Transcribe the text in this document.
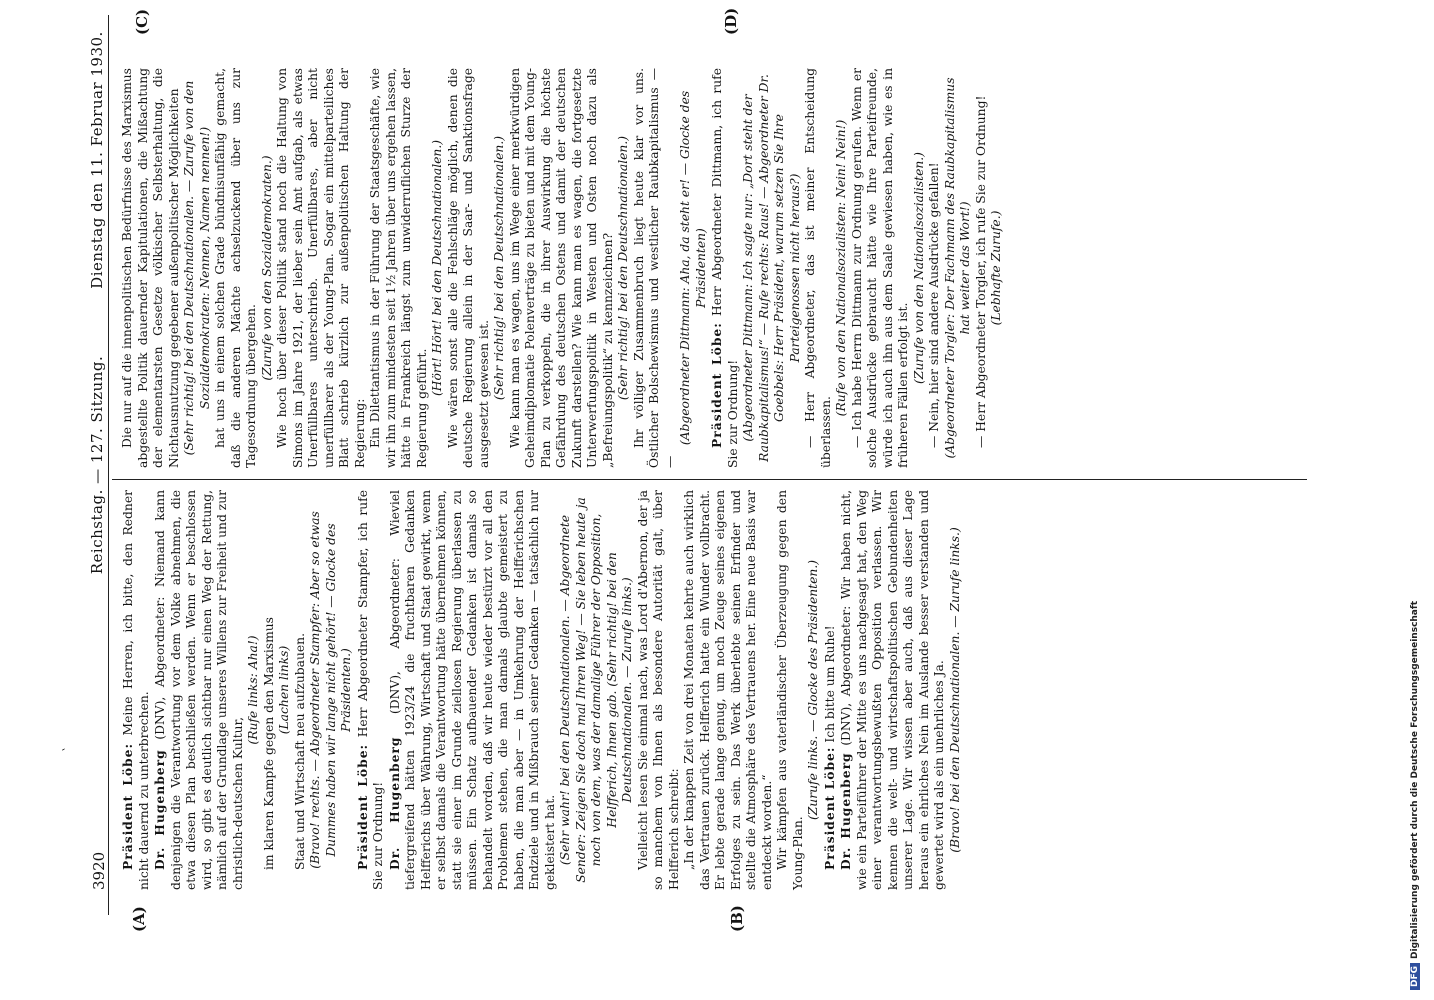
ˏ
3920
Reichstag. — 127. Sitzung.
Dienstag den 11. Februar 1930.
(A)	(B)
(C)	(D)

Präsident Löbe: Meine Herren, ich bitte, den Redner nicht dauernd zu unterbrechen. Dr. Hugenberg (DNV), Abgeordneter: Niemand kann denjenigen die Verantwortung vor dem Volke abnehmen, die etwa diesen Plan beschließen werden. Wenn er beschlossen wird, so gibt es deutlich sichtbar nur einen Weg der Rettung, nämlich auf der Grundlage unseres Willens zur Freiheit und zur christlich-deutschen Kultur,

(Rufe links: Aha!) im klaren Kampfe gegen den Marxismus (Lachen links) Staat und Wirtschaft neu aufzubauen. (Bravo! rechts. — Abgeordneter Stampfer: Aber so etwas Dummes haben wir lange nicht gehört! — Glocke des Präsidenten.)

Präsident Löbe: Herr Abgeordneter Stampfer, ich rufe Sie zur Ordnung! Dr. Hugenberg (DNV), Abgeordneter: Wieviel tiefergreifend hätten 1923/24 die fruchtbaren Gedanken Helfferichs über Währung, Wirtschaft und Staat gewirkt, wenn er selbst damals die Verantwortung hätte übernehmen können, statt sie einer im Grunde ziellosen Regierung überlassen zu müssen. Ein Schatz aufbauender Gedanken ist damals so behandelt worden, daß wir heute wieder bestürzt vor all den Problemen stehen, die man damals glaubte gemeistert zu haben, die man aber — in Umkehrung der Helfferichschen Endziele und in Mißbrauch seiner Gedanken — tatsächlich nur gekleistert hat. (Sehr wahr! bei den Deutschnationalen. — Abgeordnete Sender: Zeigen Sie doch mal Ihren Weg! — Sie leben heute ja noch von dem, was der damalige Führer der Opposition, Helfferich, Ihnen gab. (Sehr richtig! bei den Deutschnationalen. — Zurufe links.) Vielleicht lesen Sie einmal nach, was Lord d'Abernon, der ja so manchem von Ihnen als besondere Autorität galt, über Helfferich schreibt: „In der knappen Zeit von drei Monaten kehrte auch wirklich das Vertrauen zurück. Helfferich hatte ein Wunder vollbracht. Er lebte gerade lange genug, um noch Zeuge seines eigenen Erfolges zu sein. Das Werk überlebte seinen Erfinder und stellte die Atmosphäre des Vertrauens her. Eine neue Basis war entdeckt worden.“ Wir kämpfen aus vaterländischer Überzeugung gegen den Young-Plan.

(Zurufe links. — Glocke des Präsidenten.) Präsident Löbe: Ich bitte um Ruhe!

Dr. Hugenberg (DNV), Abgeordneter: Wir haben nicht, wie ein Parteiführer der Mitte es uns nachgesagt hat, den Weg einer verantwortungsbewußten Opposition verlassen. Wir kennen die welt- und wirtschaftspolitischen Gebundenheiten unserer Lage. Wir wissen aber auch, daß aus dieser Lage heraus ein ehrliches Nein im Auslande besser verstanden und gewertet wird als ein unehrliches Ja. (Bravo! bei den Deutschnationalen. — Zurufe links.)

Die nur auf die innenpolitischen Bedürfnisse des Marxismus abgestellte Politik dauernder Kapitulationen, die Mißachtung der elementarsten Gesetze völkischer Selbsterhaltung, die Nichtausnutzung gegebener außenpolitischer Möglichkeiten (Sehr richtig! bei den Deutschnationalen. — Zurufe von den Sozialdemokraten: Nennen, Namen nennen!) hat uns in einem solchen Grade bündnisunfähig gemacht, daß die anderen Mächte achselzuckend über uns zur Tagesordnung übergehen.

(Zurufe von den Sozialdemokraten.) Wie hoch über dieser Politik stand noch die Haltung von Simons im Jahre 1921, der lieber sein Amt aufgab, als etwas Unerfüllbares unterschrieb. Unerfüllbares, aber nicht unerfüllbarer als der Young-Plan. Sogar ein mittelparteiliches Blatt schrieb kürzlich zur außenpolitischen Haltung der Regierung: Ein Dilettantismus in der Führung der Staatsgeschäfte, wie wir ihn zum mindesten seit 1½ Jahren über uns ergehen lassen, hätte in Frankreich längst zum unwiderruflichen Sturze der Regierung geführt.

(Hört! Hört! bei den Deutschnationalen.) Wie wären sonst alle die Fehlschläge möglich, denen die deutsche Regierung allein in der Saar- und Sanktionsfrage ausgesetzt gewesen ist. (Sehr richtig! bei den Deutschnationalen.) Wie kann man es wagen, uns im Wege einer merkwürdigen Geheimdiplomatie Polenverträge zu bieten und mit dem Young-Plan zu verkoppeln, die in ihrer Auswirkung die höchste Gefährdung des deutschen Ostens und damit der deutschen Zukunft darstellen? Wie kann man es wagen, die fortgesetzte Unterwerfungspolitik in Westen und Osten noch dazu als „Befreiungspolitik“ zu kennzeichnen? (Sehr richtig! bei den Deutschnationalen.) Ihr völliger Zusammenbruch liegt heute klar vor uns. Östlicher Bolschewismus und westlicher Raubkapitalismus — —

(Abgeordneter Dittmann: Aha, da steht er! — Glocke des Präsidenten)

Präsident Löbe: Herr Abgeordneter Dittmann, ich rufe Sie zur Ordnung! (Abgeordneter Dittmann: Ich sagte nur: „Dort steht der Raubkapitalismus!“ — Rufe rechts: Raus! — Abgeordneter Dr. Goebbels: Herr Präsident, warum setzen Sie Ihre Parteigenossen nicht heraus?) — Herr Abgeordneter, das ist meiner Entscheidung überlassen.

(Rufe von den Nationalsozialisten: Nein! Nein!) — Ich habe Herrn Dittmann zur Ordnung gerufen. Wenn er solche Ausdrücke gebraucht hätte wie Ihre Parteifreunde, würde ich auch ihn aus dem Saale gewiesen haben, wie es in früheren Fällen erfolgt ist.

(Zurufe von den Nationalsozialisten.) — Nein, hier sind andere Ausdrücke gefallen! (Abgeordneter Torgler: Der Fachmann des Raubkapitalismus hat weiter das Wort!) — Herr Abgeordneter Torgler, ich rufe Sie zur Ordnung! (Lebhafte Zurufe.)

DFGDigitalisierung gefördert durch die Deutsche Forschungsgemeinschaft
